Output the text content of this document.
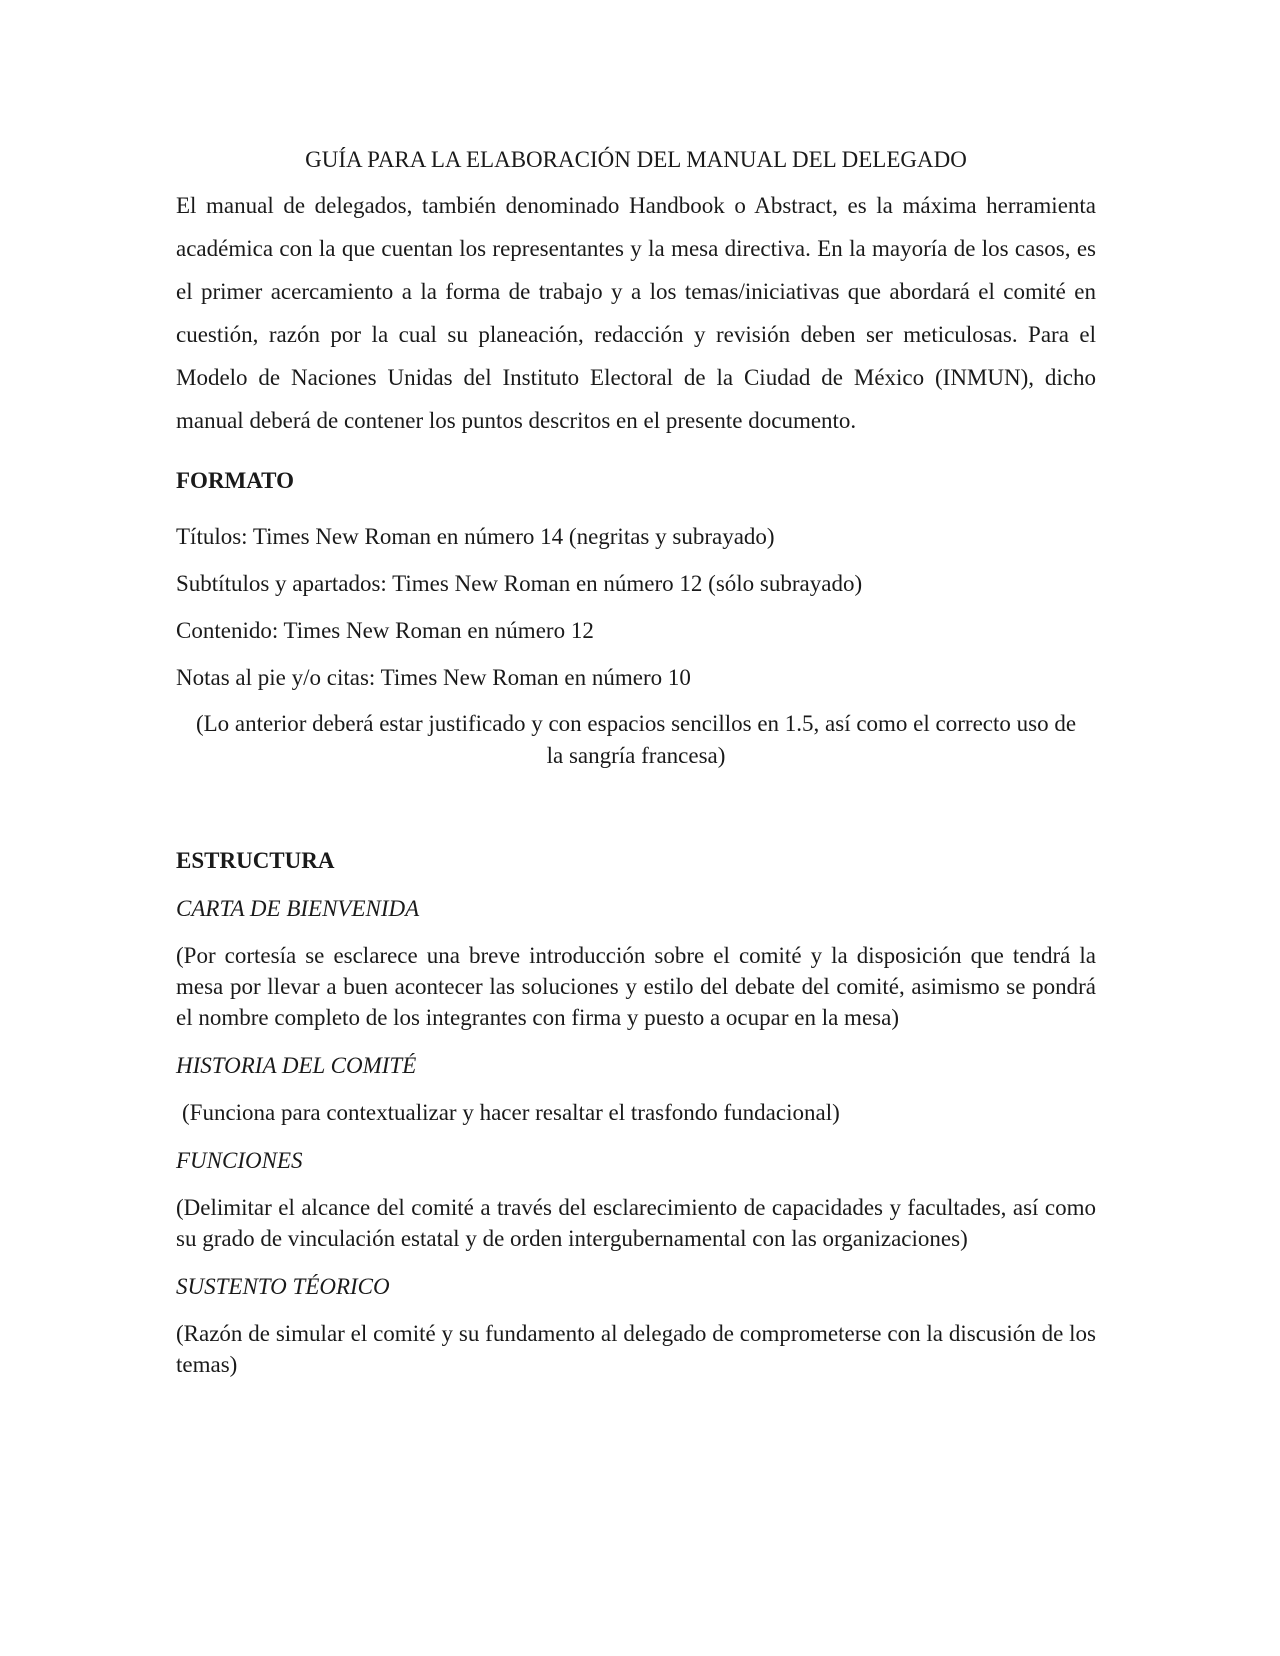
GUÍA PARA LA ELABORACIÓN DEL MANUAL DEL DELEGADO

El manual de delegados, también denominado Handbook o Abstract, es la máxima herramienta académica con la que cuentan los representantes y la mesa directiva. En la mayoría de los casos, es el primer acercamiento a la forma de trabajo y a los temas/iniciativas que abordará el comité en cuestión, razón por la cual su planeación, redacción y revisión deben ser meticulosas. Para el Modelo de Naciones Unidas del Instituto Electoral de la Ciudad de México (INMUN), dicho manual deberá de contener los puntos descritos en el presente documento.

FORMATO

Títulos: Times New Roman en número 14 (negritas y subrayado)

Subtítulos y apartados: Times New Roman en número 12 (sólo subrayado)

Contenido: Times New Roman en número 12

Notas al pie y/o citas: Times New Roman en número 10

(Lo anterior deberá estar justificado y con espacios sencillos en 1.5, así como el correcto uso de la sangría francesa)

ESTRUCTURA

CARTA DE BIENVENIDA

(Por cortesía se esclarece una breve introducción sobre el comité y la disposición que tendrá la mesa por llevar a buen acontecer las soluciones y estilo del debate del comité, asimismo se pondrá el nombre completo de los integrantes con firma y puesto a ocupar en la mesa)

HISTORIA DEL COMITÉ

(Funciona para contextualizar y hacer resaltar el trasfondo fundacional)

FUNCIONES

(Delimitar el alcance del comité a través del esclarecimiento de capacidades y facultades, así como su grado de vinculación estatal y de orden intergubernamental con las organizaciones)

SUSTENTO TÉORICO

(Razón de simular el comité y su fundamento al delegado de comprometerse con la discusión de los temas)
